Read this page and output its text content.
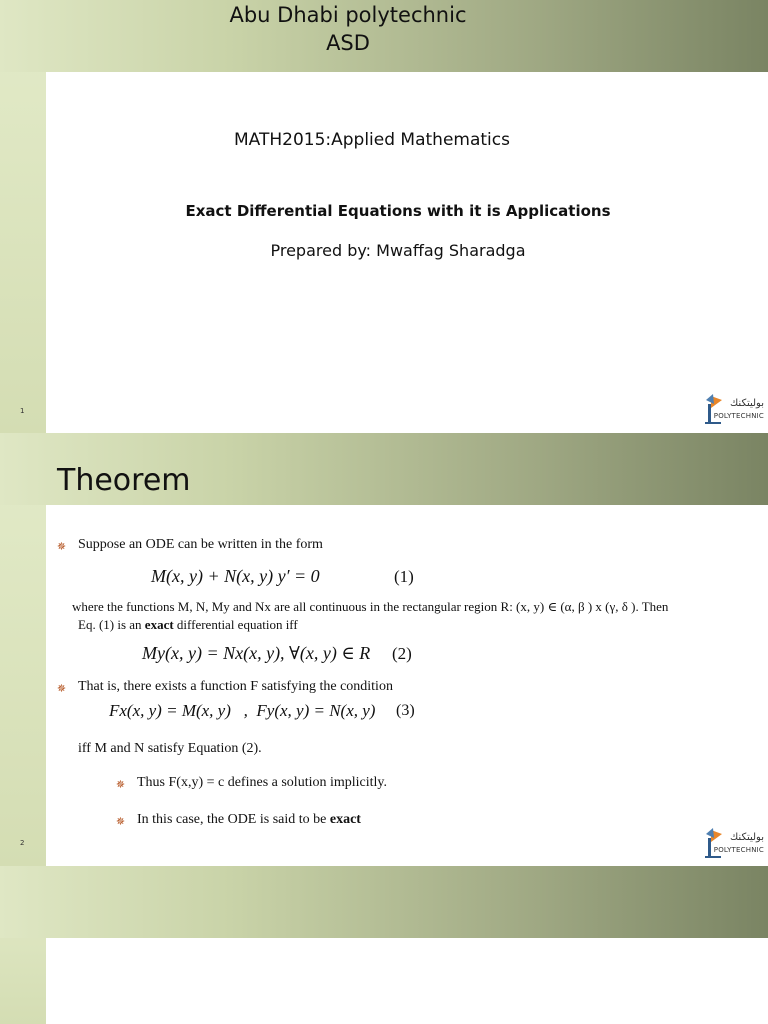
Abu Dhabi polytechnic
ASD
MATH2015:Applied Mathematics
Exact Differential Equations with it is Applications
Prepared by: Mwaffag Sharadga
1
بوليتكنك
POLYTECHNIC
Theorem
✵ Suppose an ODE can be written in the form
M(x, y) + N(x, y) y′ = 0	(1)
where the functions M, N, My and Nx are all continuous in the rectangular region R: (x, y) ∈ (α, β ) x (γ, δ ). Then
Eq. (1) is an exact differential equation iff
My(x, y) = Nx(x, y), ∀(x, y) ∈ R (2)
✵ That is, there exists a function F satisfying the condition
Fx(x, y) = M(x, y)   ,  Fy(x, y) = N(x, y) (3)
iff M and N satisfy Equation (2).
✵ Thus F(x,y) = c defines a solution implicitly.
✵ In this case, the ODE is said to be exact
2	بوليتكنك
POLYTECHNIC
